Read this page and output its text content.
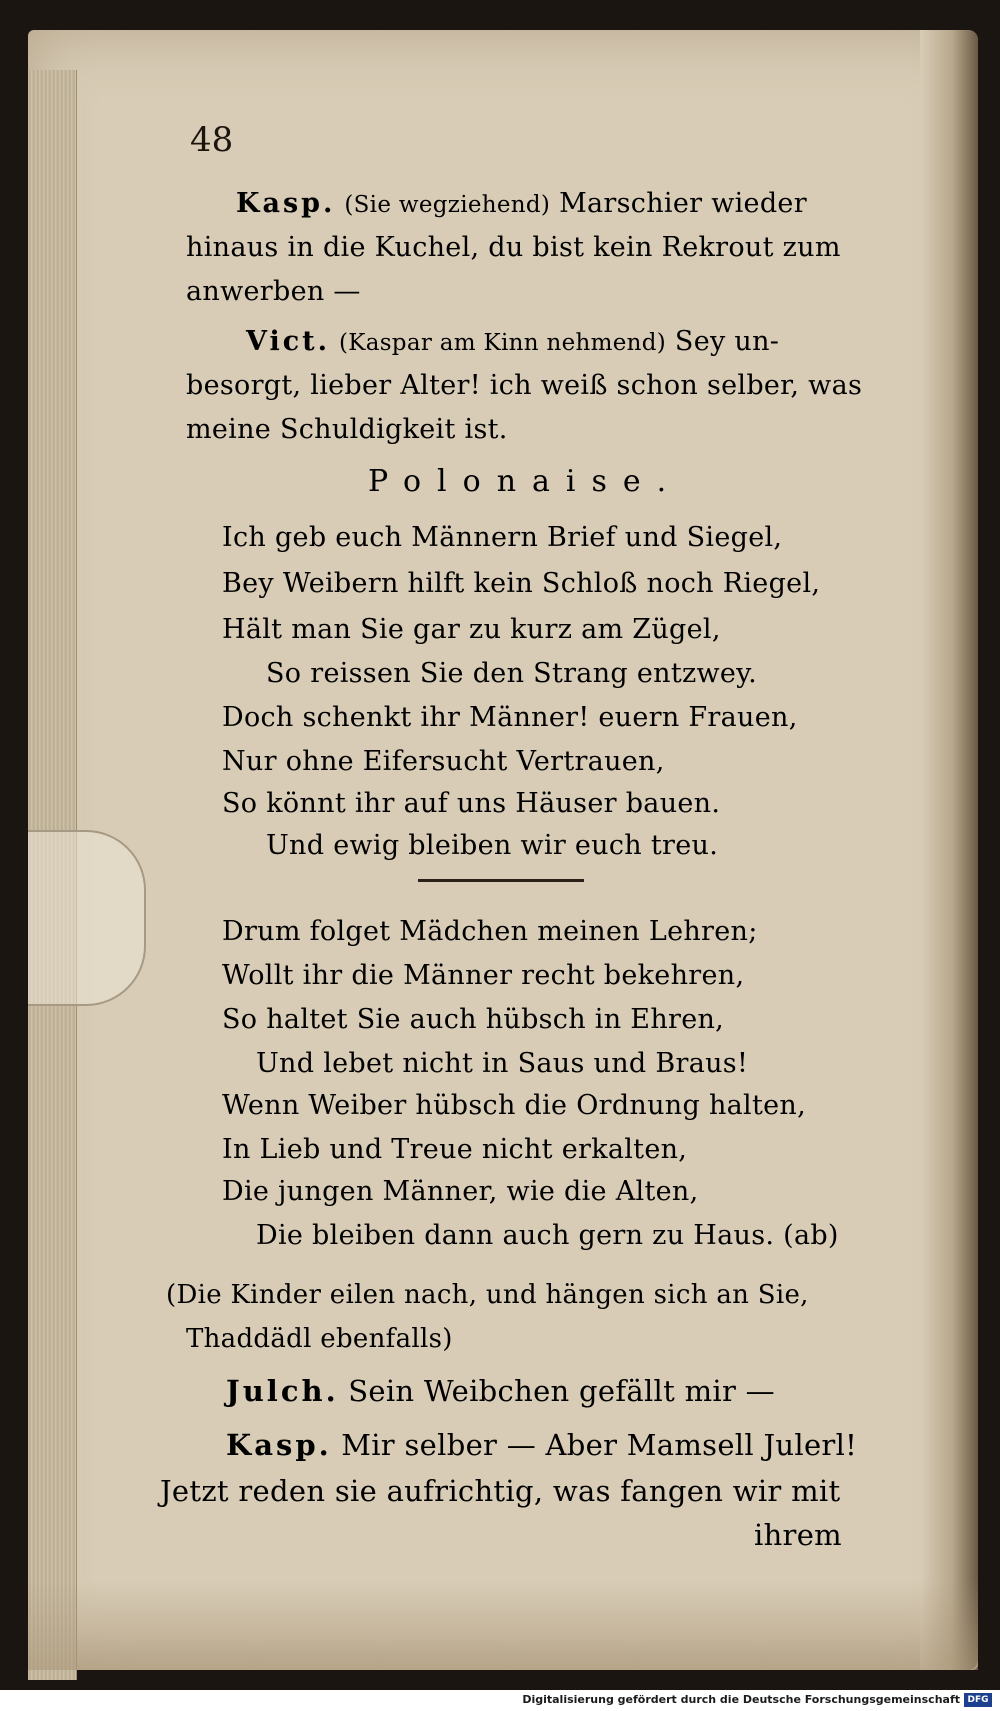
48
Kasp. (Sie wegziehend) Marschier wieder
hinaus in die Kuchel, du bist kein Rekrout zum
anwerben —
Vict. (Kaspar am Kinn nehmend) Sey un-
besorgt, lieber Alter! ich weiß schon selber, was
meine Schuldigkeit ist.
Polonaise.
Ich geb euch Männern Brief und Siegel,
Bey Weibern hilft kein Schloß noch Riegel,
Hält man Sie gar zu kurz am Zügel,
So reissen Sie den Strang entzwey.
Doch schenkt ihr Männer! euern Frauen,
Nur ohne Eifersucht Vertrauen,
So könnt ihr auf uns Häuser bauen.
Und ewig bleiben wir euch treu.
Drum folget Mädchen meinen Lehren;
Wollt ihr die Männer recht bekehren,
So haltet Sie auch hübsch in Ehren,
Und lebet nicht in Saus und Braus!
Wenn Weiber hübsch die Ordnung halten,
In Lieb und Treue nicht erkalten,
Die jungen Männer, wie die Alten,
Die bleiben dann auch gern zu Haus. (ab)
(Die Kinder eilen nach, und hängen sich an Sie,
Thaddädl ebenfalls)
Julch. Sein Weibchen gefällt mir —
Kasp. Mir selber — Aber Mamsell Julerl!
Jetzt reden sie aufrichtig, was fangen wir mit
ihrem
Digitalisierung gefördert durch die Deutsche Forschungsgemeinschaft DFG
